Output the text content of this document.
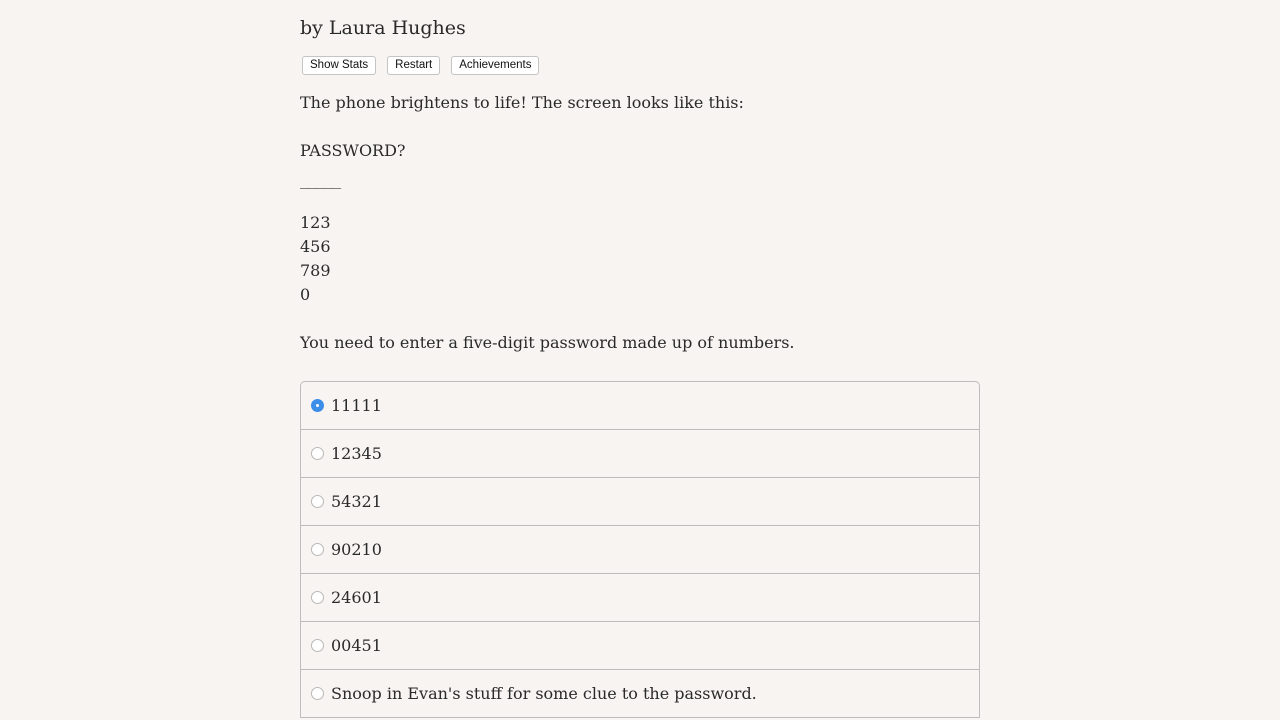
by Laura Hughes
Show Stats	Restart	Achievements
The phone brightens to life! The screen looks like this:
PASSWORD?
_____
123
456
789
0
You need to enter a five-digit password made up of numbers.
11111
12345
54321
90210
24601
00451
Snoop in Evan's stuff for some clue to the password.
